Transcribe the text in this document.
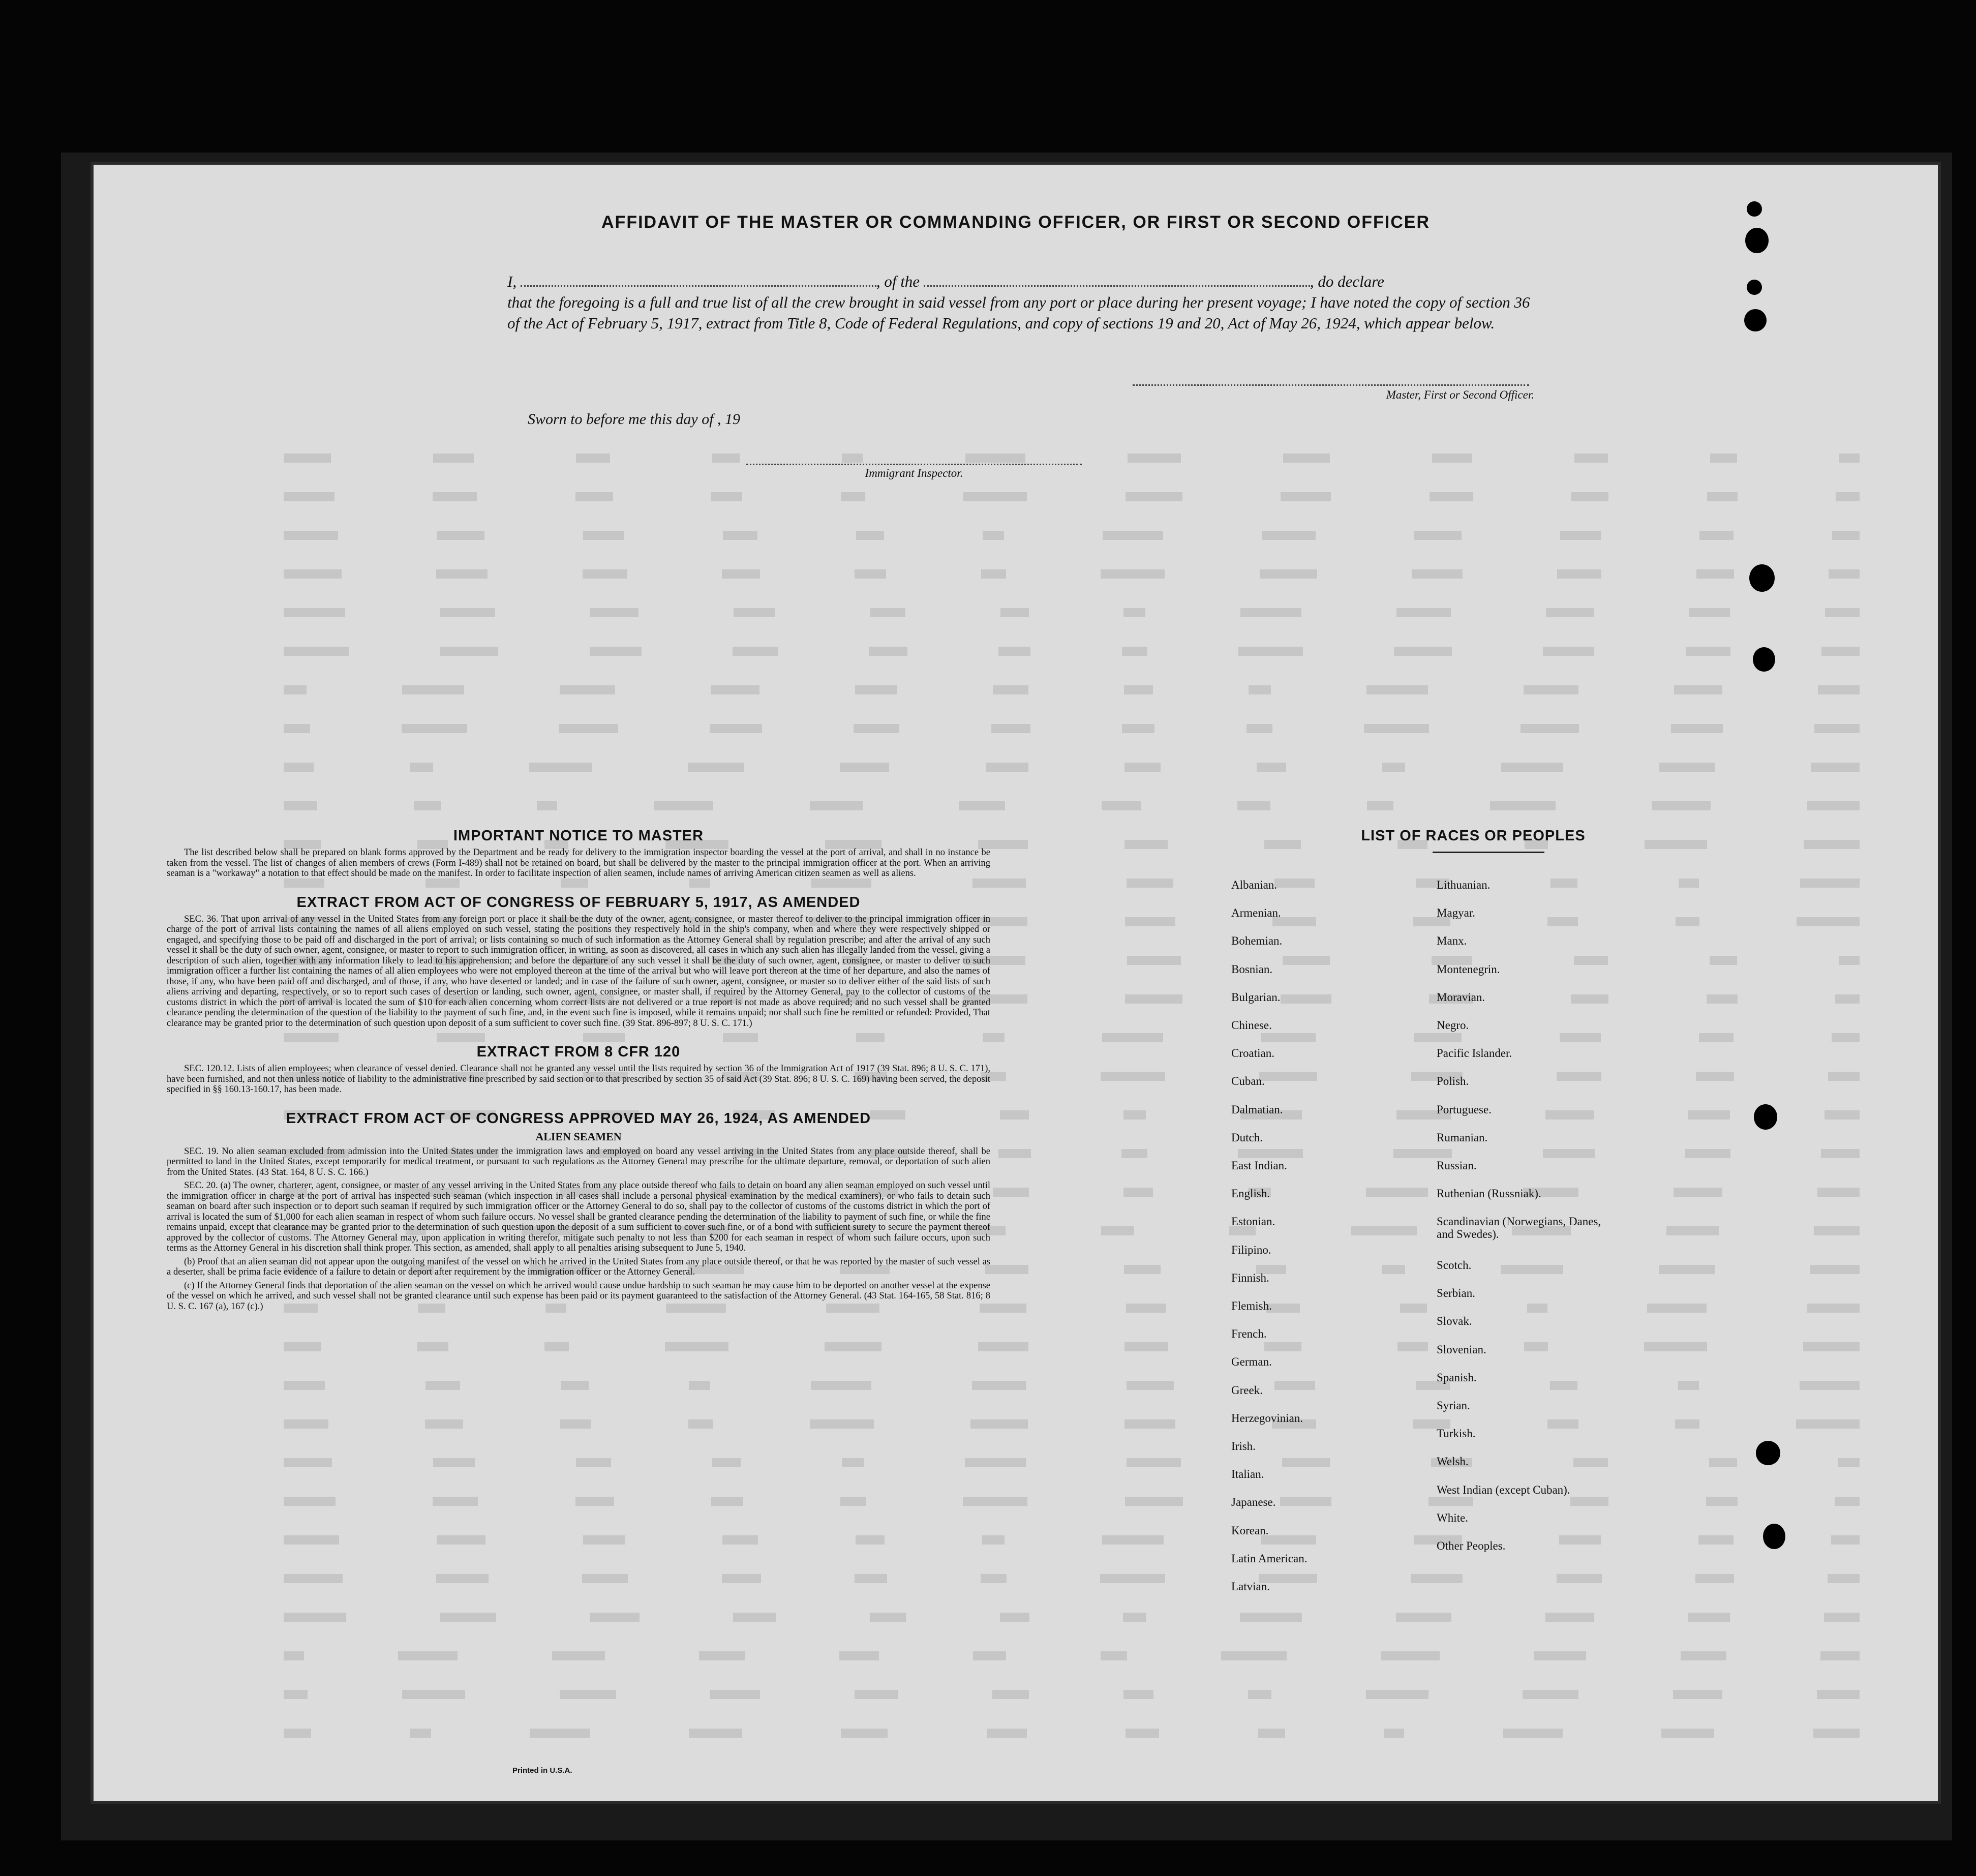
AFFIDAVIT OF THE MASTER OR COMMANDING OFFICER, OR FIRST OR SECOND OFFICER
I,	, of the	, do declare
that the foregoing is a full and true list of all the crew brought in said vessel from any port or place during her present voyage; I have noted the copy of section 36 of the Act of February 5, 1917, extract from Title 8, Code of Federal Regulations, and copy of sections 19 and 20, Act of May 26, 1924, which appear below.
Master, First or Second Officer.
Sworn to before me this day of , 19
Immigrant Inspector.

IMPORTANT NOTICE TO MASTER

The list described below shall be prepared on blank forms approved by the Department and be ready for delivery to the immigration inspector boarding the vessel at the port of arrival, and shall in no instance be taken from the vessel. The list of changes of alien members of crews (Form I-489) shall not be retained on board, but shall be delivered by the master to the principal immigration officer at the port. When an arriving seaman is a "workaway" a notation to that effect should be made on the manifest. In order to facilitate inspection of alien seamen, include names of arriving American citizen seamen as well as aliens.

EXTRACT FROM ACT OF CONGRESS OF FEBRUARY 5, 1917, AS AMENDED

SEC. 36. That upon arrival of any vessel in the United States from any foreign port or place it shall be the duty of the owner, agent, consignee, or master thereof to deliver to the principal immigration officer in charge of the port of arrival lists containing the names of all aliens employed on such vessel, stating the positions they respectively hold in the ship's company, when and where they were respectively shipped or engaged, and specifying those to be paid off and discharged in the port of arrival; or lists containing so much of such information as the Attorney General shall by regulation prescribe; and after the arrival of any such vessel it shall be the duty of such owner, agent, consignee, or master to report to such immigration officer, in writing, as soon as discovered, all cases in which any such alien has illegally landed from the vessel, giving a description of such alien, together with any information likely to lead to his apprehension; and before the departure of any such vessel it shall be the duty of such owner, agent, consignee, or master to deliver to such immigration officer a further list containing the names of all alien employees who were not employed thereon at the time of the arrival but who will leave port thereon at the time of her departure, and also the names of those, if any, who have been paid off and discharged, and of those, if any, who have deserted or landed; and in case of the failure of such owner, agent, consignee, or master so to deliver either of the said lists of such aliens arriving and departing, respectively, or so to report such cases of desertion or landing, such owner, agent, consignee, or master shall, if required by the Attorney General, pay to the collector of customs of the customs district in which the port of arrival is located the sum of $10 for each alien concerning whom correct lists are not delivered or a true report is not made as above required; and no such vessel shall be granted clearance pending the determination of the question of the liability to the payment of such fine, and, in the event such fine is imposed, while it remains unpaid; nor shall such fine be remitted or refunded: Provided, That clearance may be granted prior to the determination of such question upon deposit of a sum sufficient to cover such fine. (39 Stat. 896-897; 8 U. S. C. 171.)

EXTRACT FROM 8 CFR 120

SEC. 120.12. Lists of alien employees; when clearance of vessel denied. Clearance shall not be granted any vessel until the lists required by section 36 of the Immigration Act of 1917 (39 Stat. 896; 8 U. S. C. 171), have been furnished, and not then unless notice of liability to the administrative fine prescribed by said section or to that prescribed by section 35 of said Act (39 Stat. 896; 8 U. S. C. 169) having been served, the deposit specified in §§ 160.13-160.17, has been made.

EXTRACT FROM ACT OF CONGRESS APPROVED MAY 26, 1924, AS AMENDED

ALIEN SEAMEN

SEC. 19. No alien seaman excluded from admission into the United States under the immigration laws and employed on board any vessel arriving in the United States from any place outside thereof, shall be permitted to land in the United States, except temporarily for medical treatment, or pursuant to such regulations as the Attorney General may prescribe for the ultimate departure, removal, or deportation of such alien from the United States. (43 Stat. 164, 8 U. S. C. 166.)

SEC. 20. (a) The owner, charterer, agent, consignee, or master of any vessel arriving in the United States from any place outside thereof who fails to detain on board any alien seaman employed on such vessel until the immigration officer in charge at the port of arrival has inspected such seaman (which inspection in all cases shall include a personal physical examination by the medical examiners), or who fails to detain such seaman on board after such inspection or to deport such seaman if required by such immigration officer or the Attorney General to do so, shall pay to the collector of customs of the customs district in which the port of arrival is located the sum of $1,000 for each alien seaman in respect of whom such failure occurs. No vessel shall be granted clearance pending the determination of the liability to payment of such fine, or while the fine remains unpaid, except that clearance may be granted prior to the determination of such question upon the deposit of a sum sufficient to cover such fine, or of a bond with sufficient surety to secure the payment thereof approved by the collector of customs. The Attorney General may, upon application in writing therefor, mitigate such penalty to not less than $200 for each seaman in respect of whom such failure occurs, upon such terms as the Attorney General in his discretion shall think proper. This section, as amended, shall apply to all penalties arising subsequent to June 5, 1940.

(b) Proof that an alien seaman did not appear upon the outgoing manifest of the vessel on which he arrived in the United States from any place outside thereof, or that he was reported by the master of such vessel as a deserter, shall be prima facie evidence of a failure to detain or deport after requirement by the immigration officer or the Attorney General.

(c) If the Attorney General finds that deportation of the alien seaman on the vessel on which he arrived would cause undue hardship to such seaman he may cause him to be deported on another vessel at the expense of the vessel on which he arrived, and such vessel shall not be granted clearance until such expense has been paid or its payment guaranteed to the satisfaction of the Attorney General. (43 Stat. 164-165, 58 Stat. 816; 8 U. S. C. 167 (a), 167 (c).)

Printed in U.S.A.
LIST OF RACES OR PEOPLES
Albanian.
Armenian.
Bohemian.
Bosnian.
Bulgarian.
Chinese.
Croatian.
Cuban.
Dalmatian.
Dutch.
East Indian.
English.
Estonian.
Filipino.
Finnish.
Flemish.
French.
German.
Greek.
Herzegovinian.
Irish.
Italian.
Japanese.
Korean.
Latin American.
Latvian.
Lithuanian.
Magyar.
Manx.
Montenegrin.
Moravian.
Negro.
Pacific Islander.
Polish.
Portuguese.
Rumanian.
Russian.
Ruthenian (Russniak).
Scandinavian (Norwegians, Danes, and Swedes).
Scotch.
Serbian.
Slovak.
Slovenian.
Spanish.
Syrian.
Turkish.
Welsh.
West Indian (except Cuban).
White.
Other Peoples.
